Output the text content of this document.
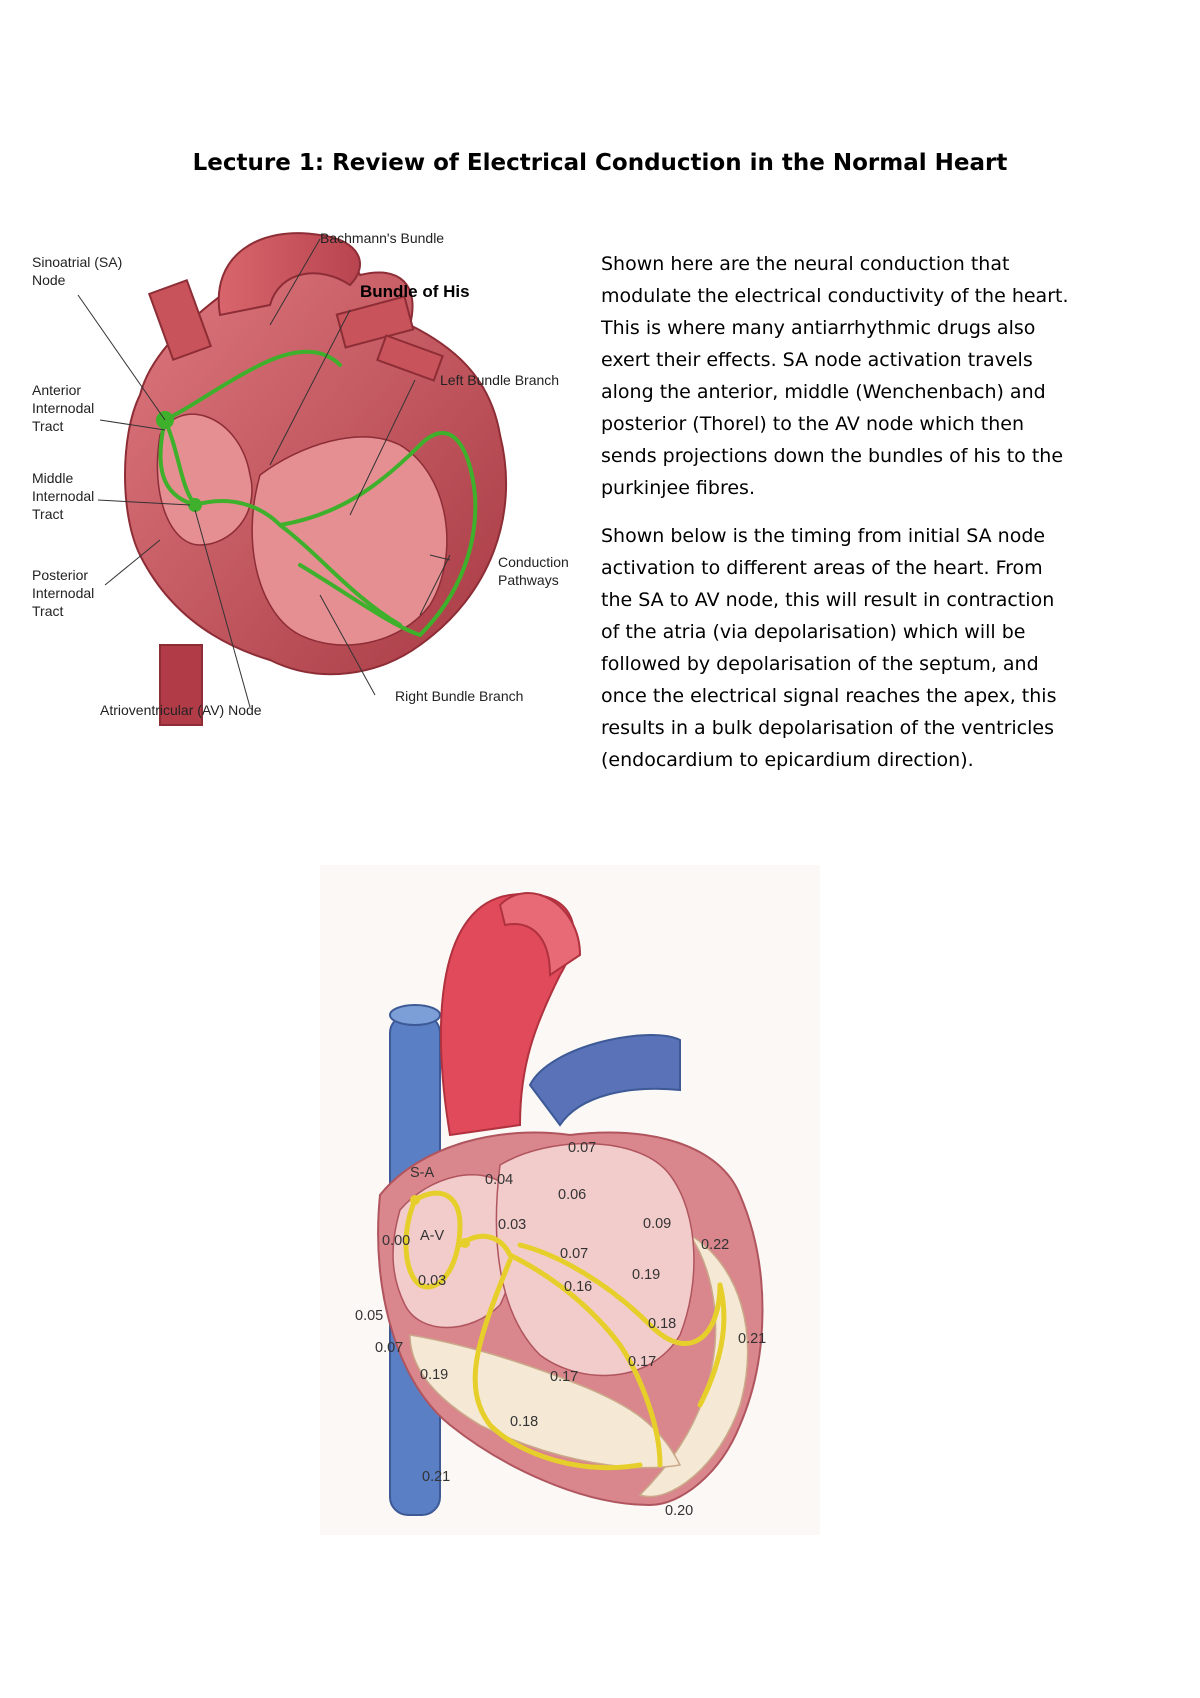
Lecture 1: Review of Electrical Conduction in the Normal Heart
Sinoatrial (SA)
Node
Bachmann's Bundle
Bundle of His
Anterior
Internodal
Tract
Middle
Internodal
Tract
Posterior
Internodal
Tract
Left Bundle Branch
Conduction
Pathways
Right Bundle Branch
Atrioventricular (AV) Node

Shown here are the neural conduction that modulate the electrical conductivity of the heart. This is where many antiarrhythmic drugs also exert their effects. SA node activation travels along the anterior, middle (Wenchenbach) and posterior (Thorel) to the AV node which then sends projections down the bundles of his to the purkinjee fibres.

Shown below is the timing from initial SA node activation to different areas of the heart. From the SA to AV node, this will result in contraction of the atria (via depolarisation) which will be followed by depolarisation of the septum, and once the electrical signal reaches the apex, this results in a bulk depolarisation of the ventricles (endocardium to epicardium direction).

S-A
A-V
0.07
0.04
0.06
0.03	0.09
0.00
0.07
0.22
0.19
0.16
0.03
0.05	0.18
0.21
0.07
0.17
0.19	0.17
0.18
0.21
0.20
